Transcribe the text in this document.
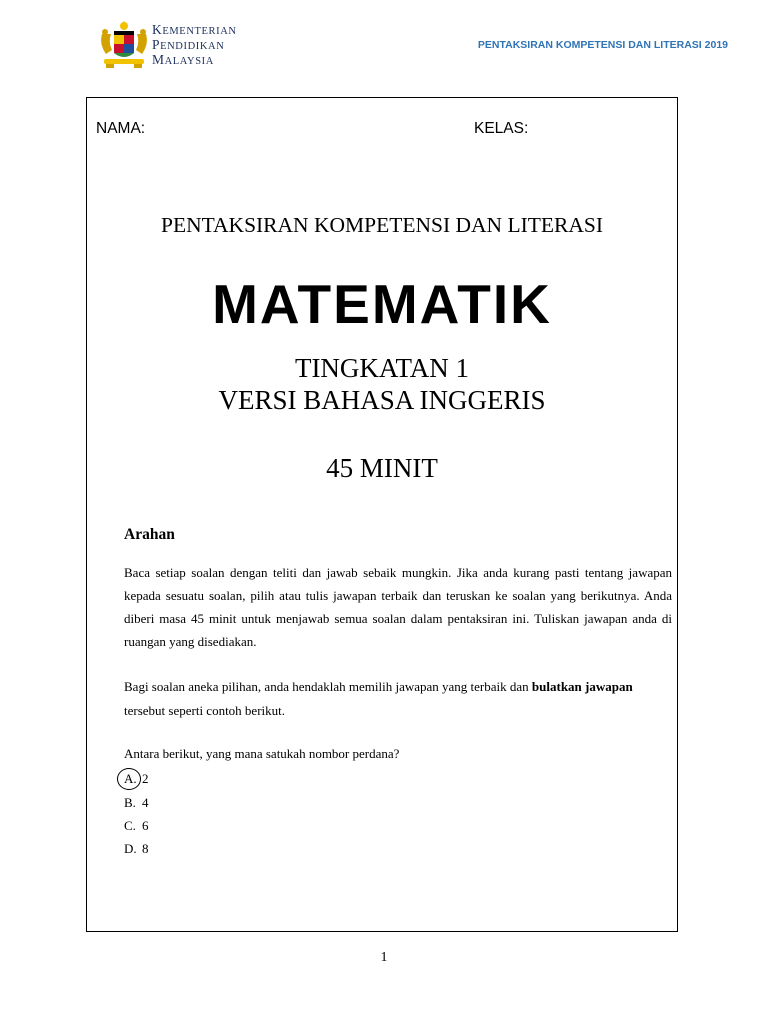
KEMENTERIAN
PENDIDIKAN
MALAYSIA
PENTAKSIRAN KOMPETENSI DAN LITERASI 2019
NAMA:	KELAS:
PENTAKSIRAN KOMPETENSI DAN LITERASI
MATEMATIK
TINGKATAN 1
VERSI BAHASA INGGERIS
45 MINIT
Arahan
Baca setiap soalan dengan teliti dan jawab sebaik mungkin. Jika anda kurang pasti tentang jawapan kepada sesuatu soalan, pilih atau tulis jawapan terbaik dan teruskan ke soalan yang berikutnya. Anda diberi masa 45 minit untuk menjawab semua soalan dalam pentaksiran ini. Tuliskan jawapan anda di ruangan yang disediakan.
Bagi soalan aneka pilihan, anda hendaklah memilih jawapan yang terbaik dan bulatkan jawapan tersebut seperti contoh berikut.
Antara berikut, yang mana satukah nombor perdana?
A. 2
B. 4
C. 6
D. 8
1
